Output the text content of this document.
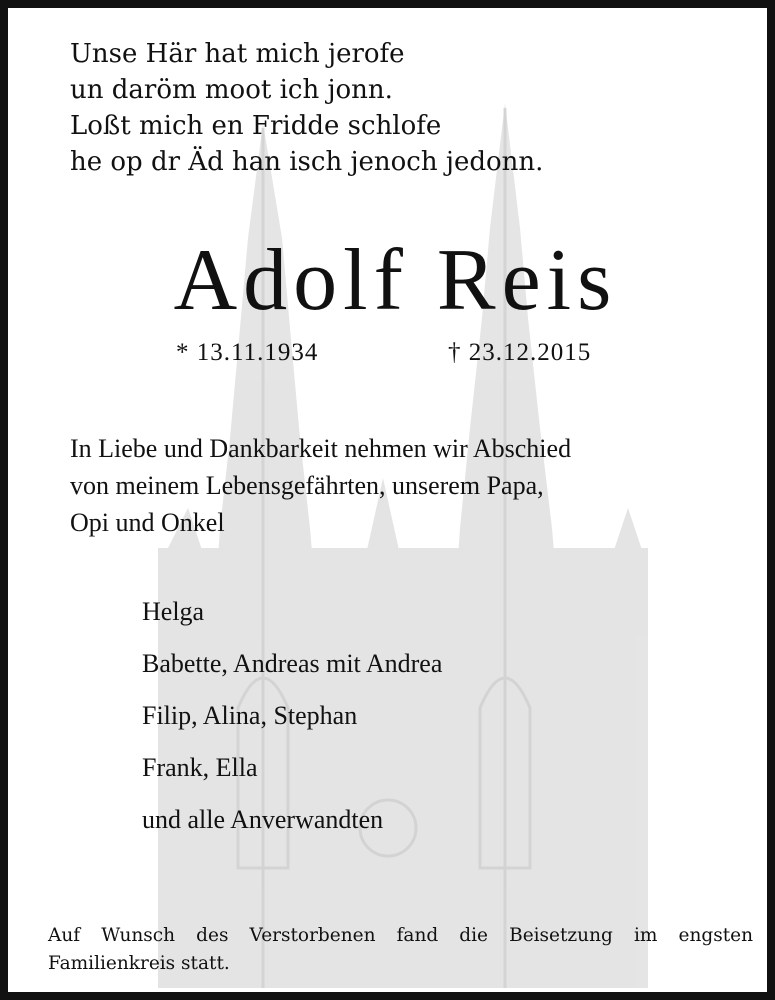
Unse Här hat mich jerofe
un daröm moot ich jonn.
Loßt mich en Fridde schlofe
he op dr Äd han isch jenoch jedonn.
Adolf Reis
* 13.11.1934	† 23.12.2015
In Liebe und Dankbarkeit nehmen wir Abschied
von meinem Lebensgefährten, unserem Papa,
Opi und Onkel
Helga
Babette, Andreas mit Andrea
Filip, Alina, Stephan
Frank, Ella
und alle Anverwandten
Auf Wunsch des Verstorbenen fand die Beisetzung im engsten Familienkreis statt.
